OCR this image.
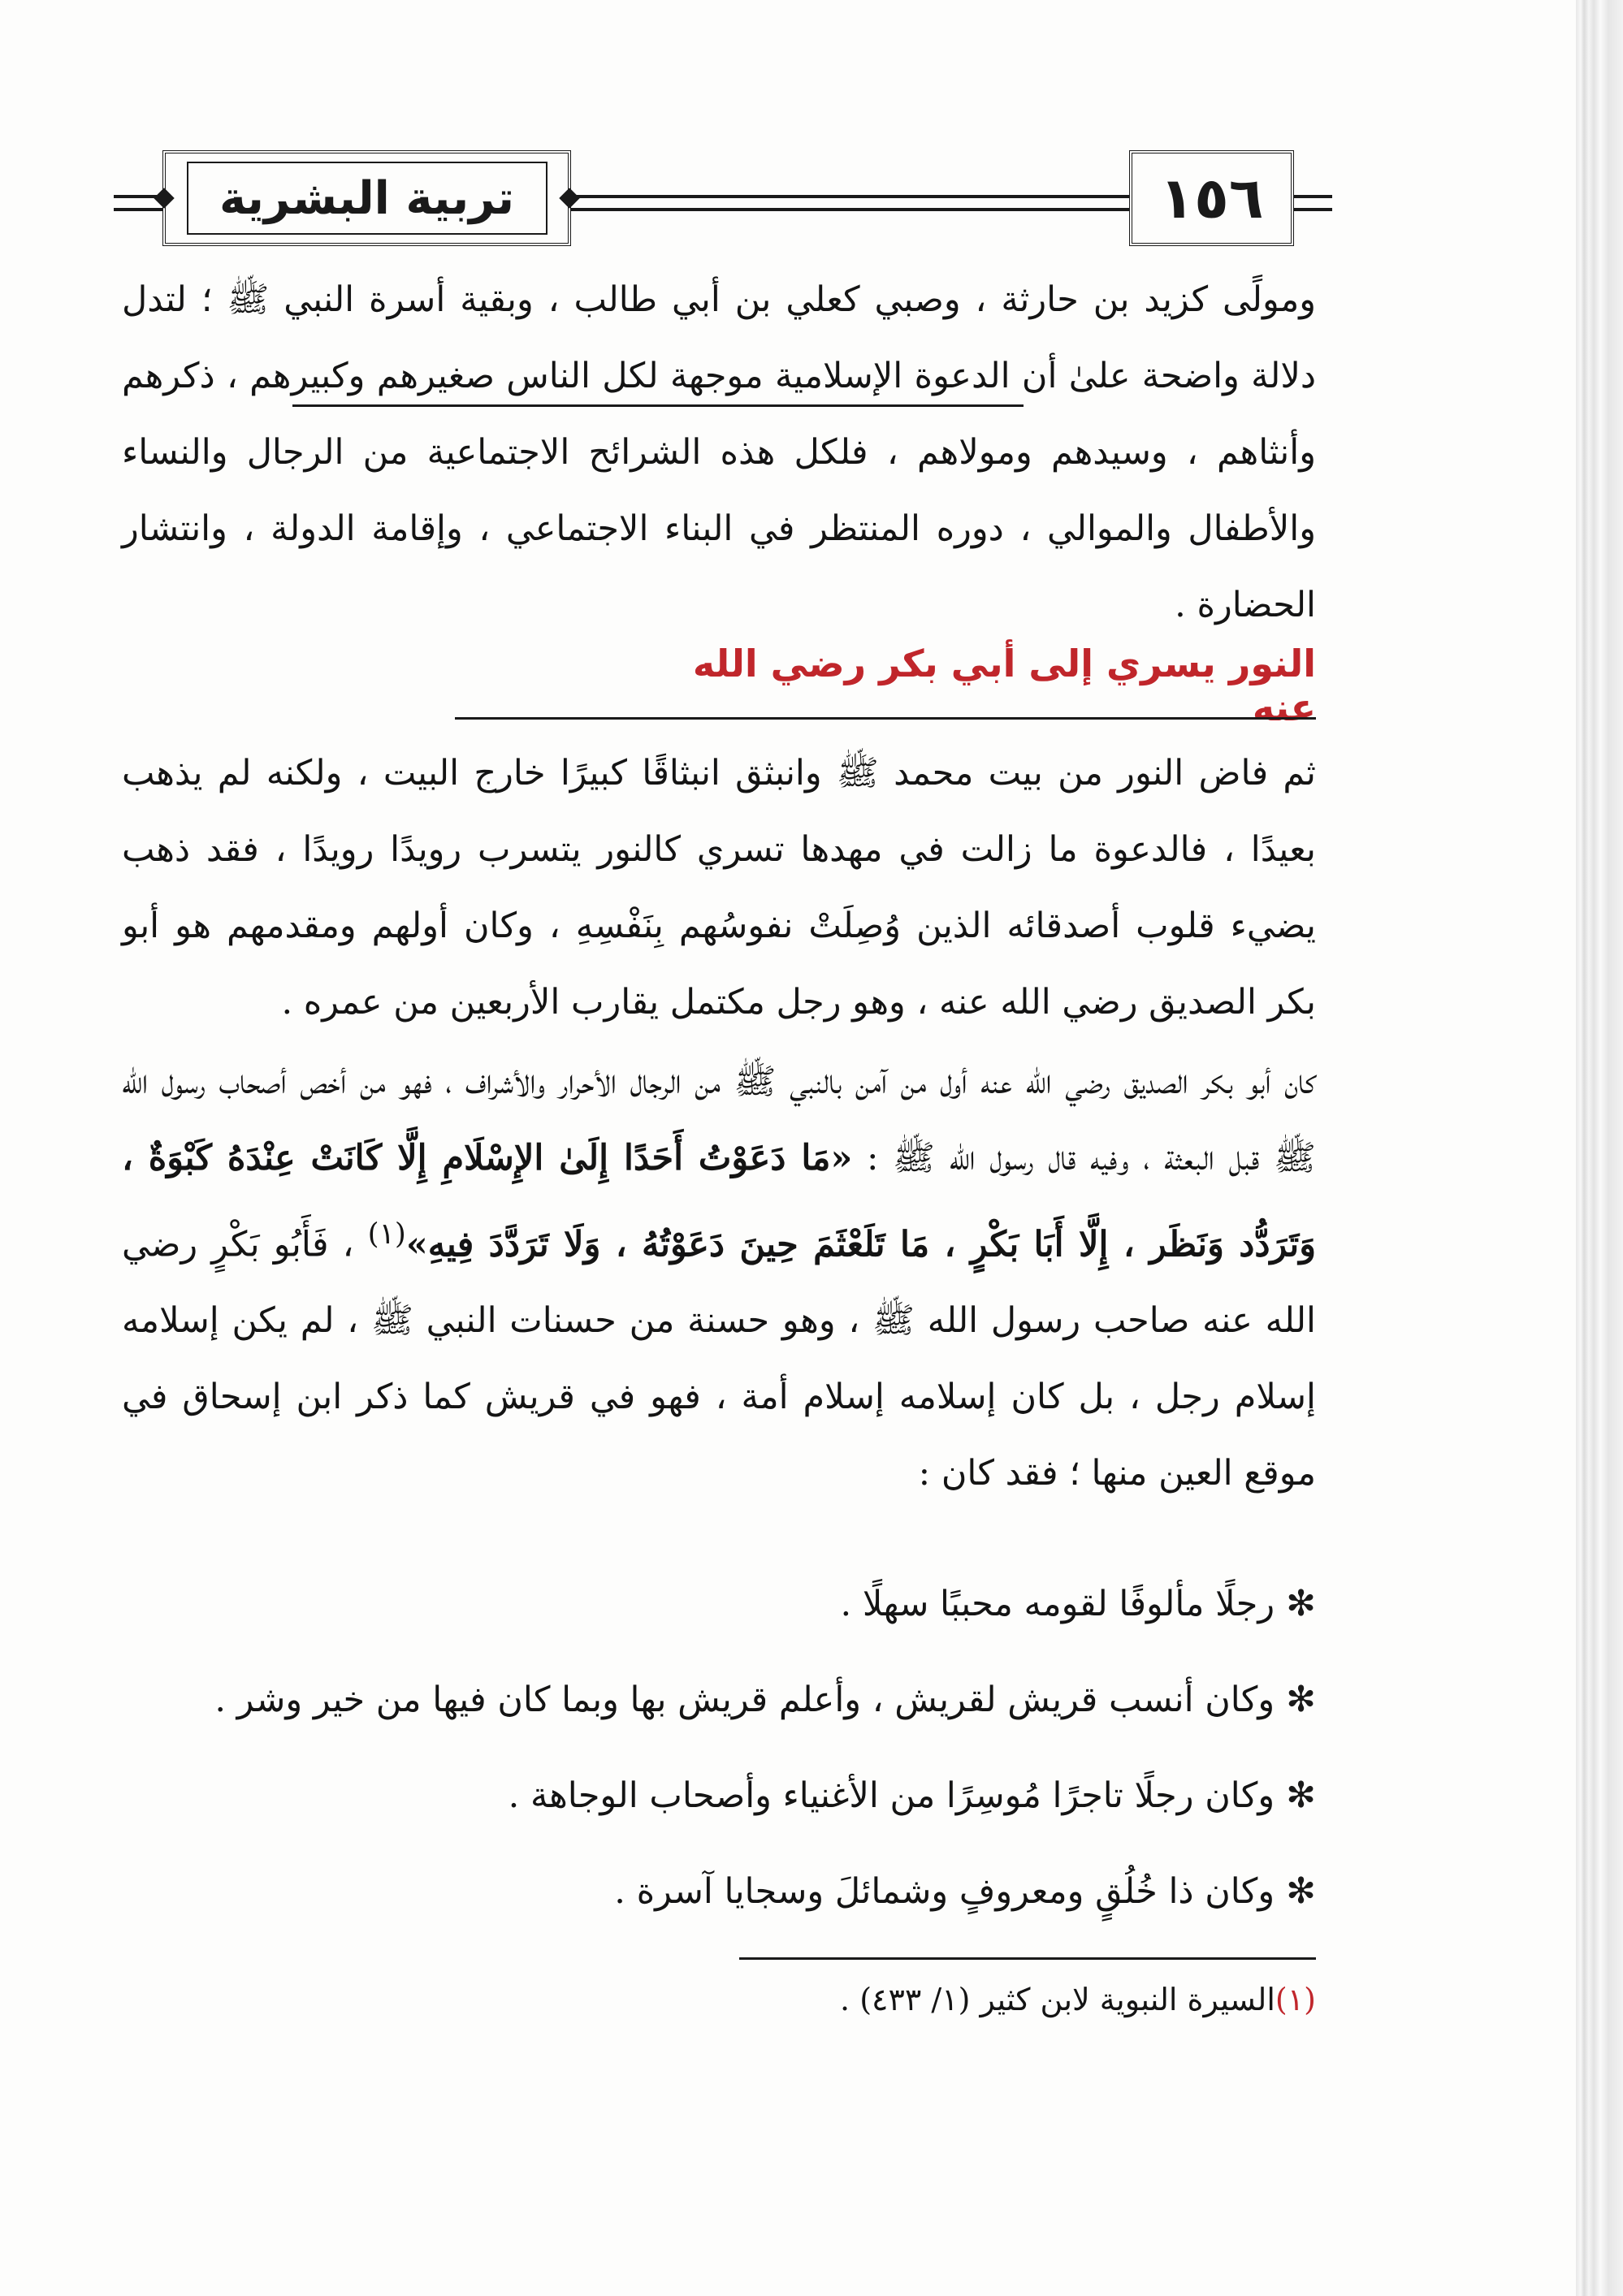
تربية البشرية	١٥٦

ومولًى كزيد بن حارثة ، وصبي كعلي بن أبي طالب ، وبقية أسرة النبي ﷺ ؛ لتدل دلالة واضحة علىٰ أن الدعوة الإسلامية موجهة لكل الناس صغيرهم وكبيرهم ، ذكرهم وأنثاهم ، وسيدهم ومولاهم ، فلكل هذه الشرائح الاجتماعية من الرجال والنساء والأطفال والموالي ، دوره المنتظر في البناء الاجتماعي ، وإقامة الدولة ، وانتشار الحضارة .

النور يسري إلى أبي بكر رضي الله عنه

ثم فاض النور من بيت محمد ﷺ وانبثق انبثاقًا كبيرًا خارج البيت ، ولكنه لم يذهب بعيدًا ، فالدعوة ما زالت في مهدها تسري كالنور يتسرب رويدًا رويدًا ، فقد ذهب يضيء قلوب أصدقائه الذين وُصِلَتْ نفوسُهم بِنَفْسِهِ ، وكان أولهم ومقدمهم هو أبو بكر الصديق رضي الله عنه ، وهو رجل مكتمل يقارب الأربعين من عمره .

كان أبو بكر الصديق رضي الله عنه أول من آمن بالنبي ﷺ من الرجال الأحرار والأشراف ، فهو من أخص أصحاب رسول الله ﷺ قبل البعثة ، وفيه قال رسول الله ﷺ : «مَا دَعَوْتُ أَحَدًا إِلَىٰ الإِسْلَامِ إِلَّا كَانَتْ عِنْدَهُ كَبْوَةٌ ، وَتَرَدُّد وَنَظَر ، إِلَّا أَبَا بَكْرٍ ، مَا تَلَعْثَمَ حِينَ دَعَوْتُهُ ، وَلَا تَرَدَّدَ فِيهِ»$^{(١)}$ ، فَأَبُو بَكْرٍ رضي الله عنه صاحب رسول الله ﷺ ، وهو حسنة من حسنات النبي ﷺ ، لم يكن إسلامه إسلام رجل ، بل كان إسلامه إسلام أمة ، فهو في قريش كما ذكر ابن إسحاق في موقع العين منها ؛ فقد كان :

✻رجلًا مألوفًا لقومه محببًا سهلًا .
✻وكان أنسب قريش لقريش ، وأعلم قريش بها وبما كان فيها من خير وشر .
✻وكان رجلًا تاجرًا مُوسِرًا من الأغنياء وأصحاب الوجاهة .
✻وكان ذا خُلُقٍ ومعروفٍ وشمائلَ وسجايا آسرة .
(١)السيرة النبوية لابن كثير (١/ ٤٣٣) .
